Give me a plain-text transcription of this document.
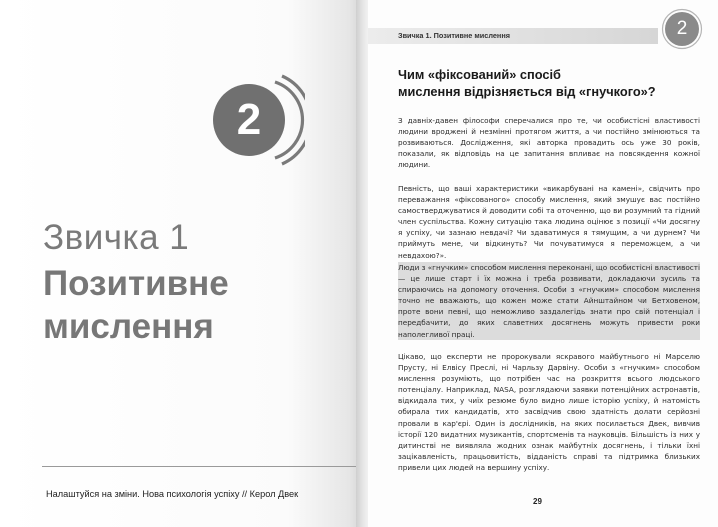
2
Звичка 1
Позитивне
мислення
Налаштуйся на зміни. Нова психологія успіху // Керол Двек
Звичка 1. Позитивне мислення	2
Чим «фіксований» спосіб
мислення відрізняється від «гнучкого»?
З давніх-давен філософи сперечалися про те, чи особистісні властивості людини вроджені й незмінні протягом життя, а чи постійно змінюються та розвиваються. Дослідження, які авторка провадить ось уже 30 років, показали, як відповідь на це запитання впливає на повсякдення кожної людини.
Певність, що ваші характеристики «викарбувані на камені», свідчить про переважання «фіксованого» способу мислення, який змушує вас постійно самостверджуватися й доводити собі та оточенню, що ви розумний та гідний член суспільства. Кожну ситуацію така людина оцінює з позиції «Чи досягну я успіху, чи зазнаю невдачі? Чи здаватимуся я тямущим, а чи дурнем? Чи приймуть мене, чи відкинуть? Чи почуватимуся я переможцем, а чи невдахою?».
Люди з «гнучким» способом мислення переконані, що особистісні властивості — це лише старт і їх можна і треба розвивати, докладаючи зусиль та спираючись на допомогу оточення. Особи з «гнучким» способом мислення точно не вважають, що кожен може стати Айнштайном чи Бетховеном, проте вони певні, що неможливо заздалегідь знати про свій потенціал і передбачити, до яких славетних досягнень можуть привести роки наполегливої праці.
Цікаво, що експерти не пророкували яскравого майбутнього ні Марселю Прусту, ні Елвісу Преслі, ні Чарльзу Дарвіну. Особи з «гнучким» способом мислення розуміють, що потрібен час на розкриття всього людського потенціалу. Наприклад, NASA, розглядаючи заявки потенційних астронавтів, відкидала тих, у чиїх резюме було видно лише історію успіху, й натомість обирала тих кандидатів, хто засвідчив свою здатність долати серйозні провали в кар'єрі. Один із дослідників, на яких посилається Двек, вивчив історії 120 видатних музикантів, спортсменів та науковців. Більшість із них у дитинстві не виявляла жодних ознак майбутніх досягнень, і тільки їхні зацікавленість, працьовитість, відданість справі та підтримка близьких привели цих людей на вершину успіху.
29
